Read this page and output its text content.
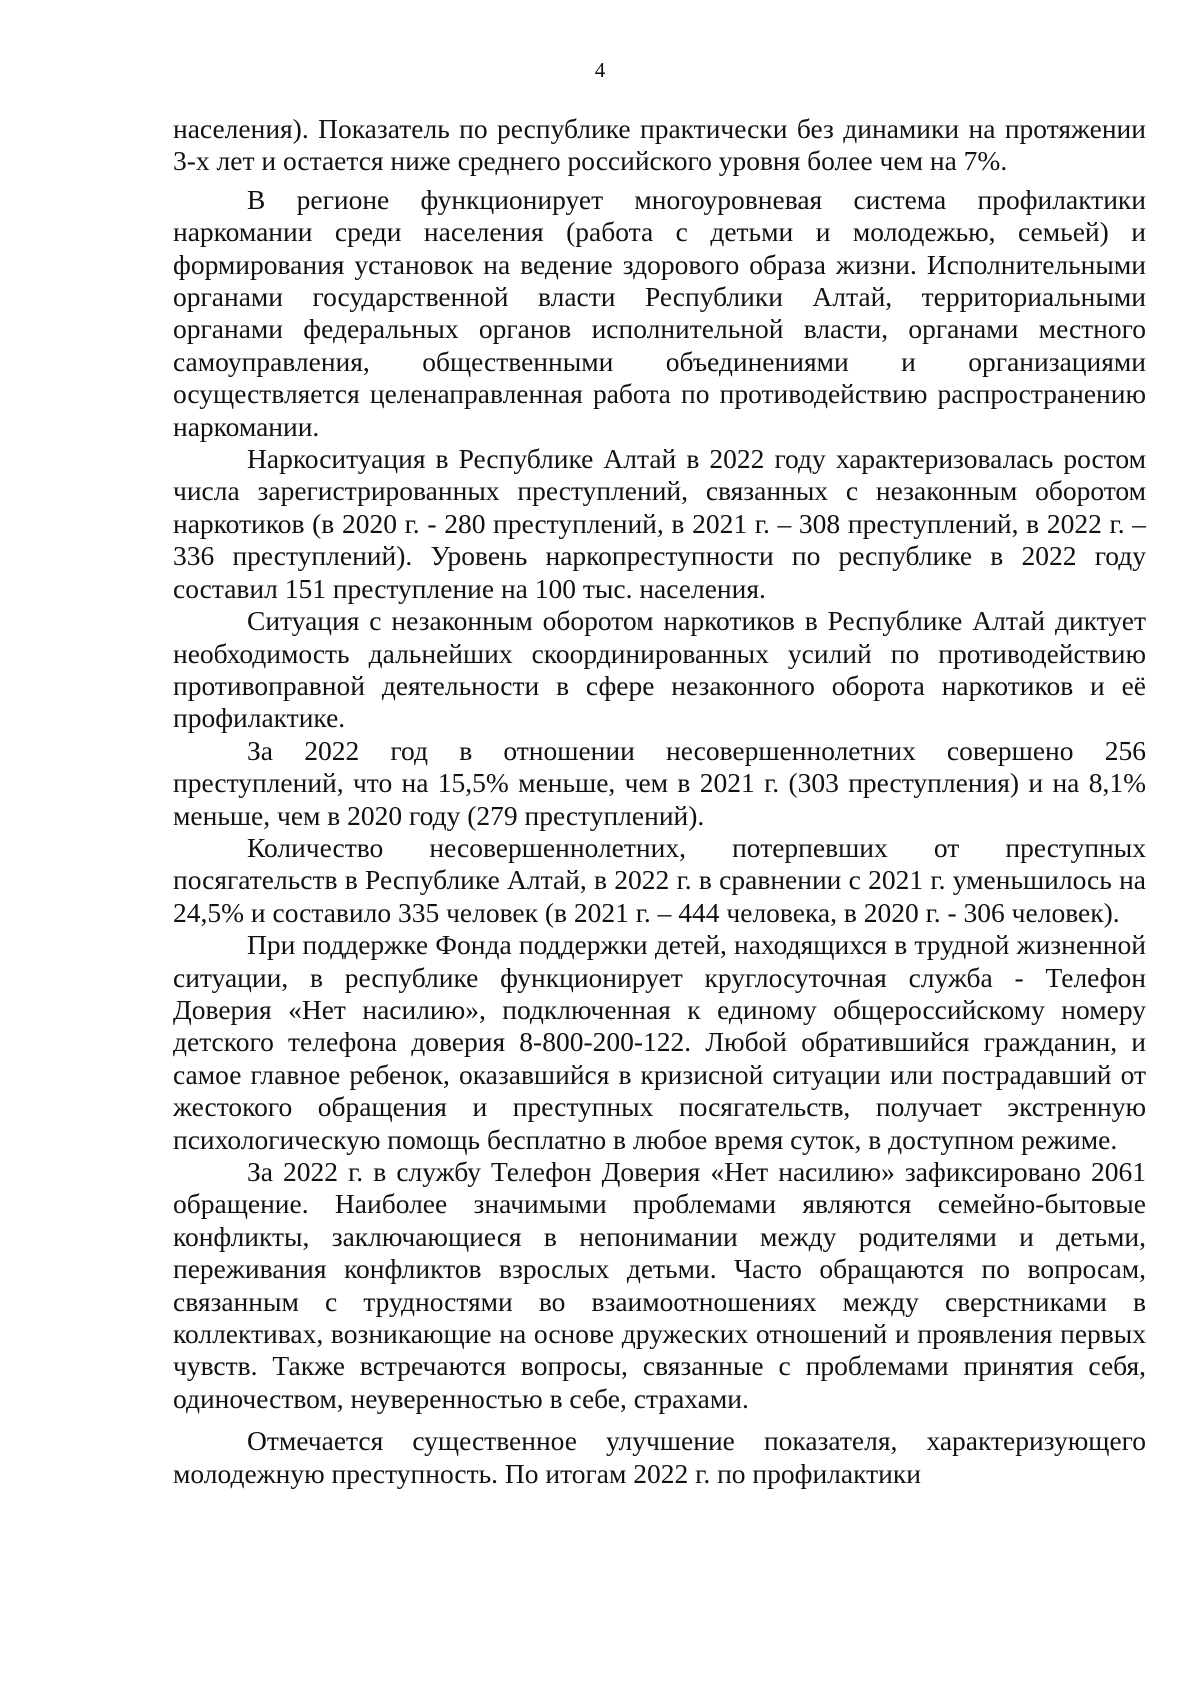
4

населения). Показатель по республике практически без динамики на протяжении 3-х лет и остается ниже среднего российского уровня более чем на 7%.

В регионе функционирует многоуровневая система профилактики наркомании среди населения (работа с детьми и молодежью, семьей) и формирования установок на ведение здорового образа жизни. Исполнительными органами государственной власти Республики Алтай, территориальными органами федеральных органов исполнительной власти, органами местного самоуправления, общественными объединениями и организациями осуществляется целенаправленная работа по противодействию распространению наркомании.

Наркоситуация в Республике Алтай в 2022 году характеризовалась ростом числа зарегистрированных преступлений, связанных с незаконным оборотом наркотиков (в 2020 г. - 280 преступлений, в 2021 г. – 308 преступлений, в 2022 г. – 336 преступлений). Уровень наркопреступности по республике в 2022 году составил 151 преступление на 100 тыс. населения.

Ситуация с незаконным оборотом наркотиков в Республике Алтай диктует необходимость дальнейших скоординированных усилий по противодействию противоправной деятельности в сфере незаконного оборота наркотиков и её профилактике.

За 2022 год в отношении несовершеннолетних совершено 256 преступлений, что на 15,5% меньше, чем в 2021 г. (303 преступления) и на 8,1% меньше, чем в 2020 году (279 преступлений).

Количество несовершеннолетних, потерпевших от преступных посягательств в Республике Алтай, в 2022 г. в сравнении с 2021 г. уменьшилось на 24,5% и составило 335 человек (в 2021 г. – 444 человека, в 2020 г. - 306 человек).

При поддержке Фонда поддержки детей, находящихся в трудной жизненной ситуации, в республике функционирует круглосуточная служба - Телефон Доверия «Нет насилию», подключенная к единому общероссийскому номеру детского телефона доверия 8-800-200-122. Любой обратившийся гражданин, и самое главное ребенок, оказавшийся в кризисной ситуации или пострадавший от жестокого обращения и преступных посягательств, получает экстренную психологическую помощь бесплатно в любое время суток, в доступном режиме.

За 2022 г. в службу Телефон Доверия «Нет насилию» зафиксировано 2061 обращение. Наиболее значимыми проблемами являются семейно-бытовые конфликты, заключающиеся в непонимании между родителями и детьми, переживания конфликтов взрослых детьми. Часто обращаются по вопросам, связанным с трудностями во взаимоотношениях между сверстниками в коллективах, возникающие на основе дружеских отношений и проявления первых чувств. Также встречаются вопросы, связанные с проблемами принятия себя, одиночеством, неуверенностью в себе, страхами.

Отмечается существенное улучшение показателя, характеризующего молодежную преступность. По итогам 2022 г. по профилактики
